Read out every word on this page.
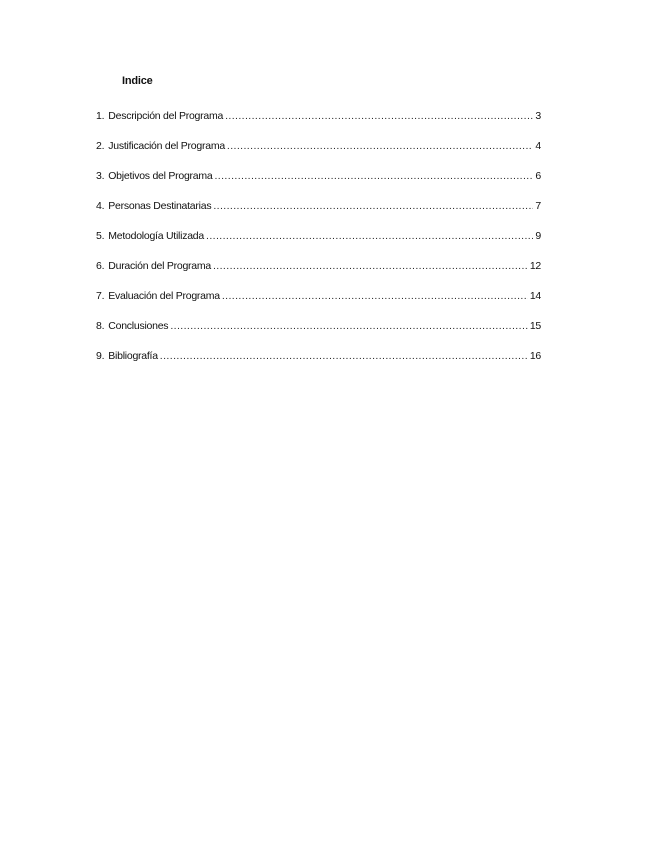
Indice
1. Descripción del Programa .....	3
2. Justificación del Programa .....	4
3. Objetivos del Programa .....	6
4. Personas Destinatarias .....	7
5. Metodología Utilizada .....	9
6. Duración del Programa .....	12
7. Evaluación del Programa .....	14
8. Conclusiones .....	15
9. Bibliografía .....	16
